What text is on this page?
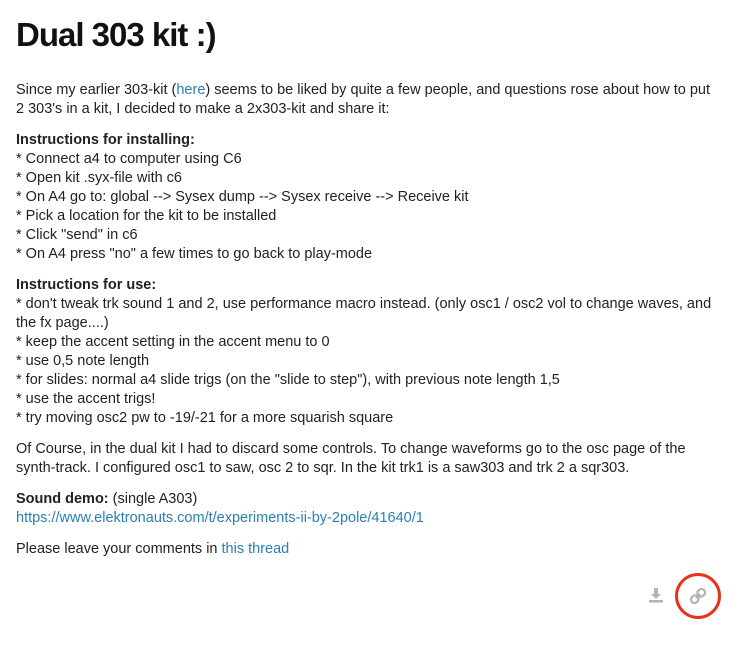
Dual 303 kit :)

Since my earlier 303-kit (here) seems to be liked by quite a few people, and questions rose about how to put 2 303's in a kit, I decided to make a 2x303-kit and share it:

Instructions for installing:
* Connect a4 to computer using C6
* Open kit .syx-file with c6
* On A4 go to: global --> Sysex dump --> Sysex receive --> Receive kit
* Pick a location for the kit to be installed
* Click "send" in c6
* On A4 press "no" a few times to go back to play-mode
Instructions for use:
* don't tweak trk sound 1 and 2, use performance macro instead. (only osc1 / osc2 vol to change waves, and the fx page....)
* keep the accent setting in the accent menu to 0
* use 0,5 note length
* for slides: normal a4 slide trigs (on the "slide to step"), with previous note length 1,5
* use the accent trigs!
* try moving osc2 pw to -19/-21 for a more squarish square

Of Course, in the dual kit I had to discard some controls. To change waveforms go to the osc page of the synth-track. I configured osc1 to saw, osc 2 to sqr. In the kit trk1 is a saw303 and trk 2 a sqr303.

Sound demo: (single A303)
https://www.elektronauts.com/t/experiments-ii-by-2pole/41640/1

Please leave your comments in this thread
